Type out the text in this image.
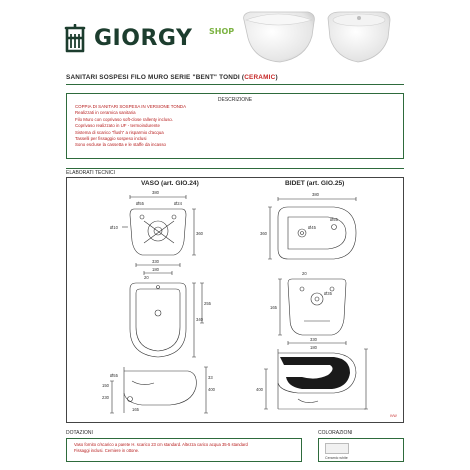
GIORGY SHOP
SANITARI SOSPESI FILO MURO SERIE "BENT" TONDI (CERAMIC)
DESCRIZIONE
COPPIA DI SANITARI SOSPESA IN VERSIONE TONDA
Realizzati in ceramica sanitaria
Filo Muro con coprivaso soft-close rallenty incluso.
Coprivaso realizzato in UF - termoindurente
Sistema di scarico "flush" a risparmio d'acqua
Tasselli per fissaggio sospeso inclusi
Sono escluse la cassetta e le staffe da incasso
ELABORATI TECNICI
VASO (art. GIO.24)	BIDET (art. GIO.25)
Ø55	Ø24
380
Ø10
360
330
180
20
Ø55
165
230
150
400
33
340
255
380
Ø45
Ø55
360
Ø35
165
330
180
20
400
IVW
DOTAZIONI
Vaso fornito c/scarico a parete H. scarico 23 cm standard. Altezza carico acqua 35-5 standard
Fissaggi inclusi. Cerniere in ottone.
COLORAZIONI
Ceramic white
